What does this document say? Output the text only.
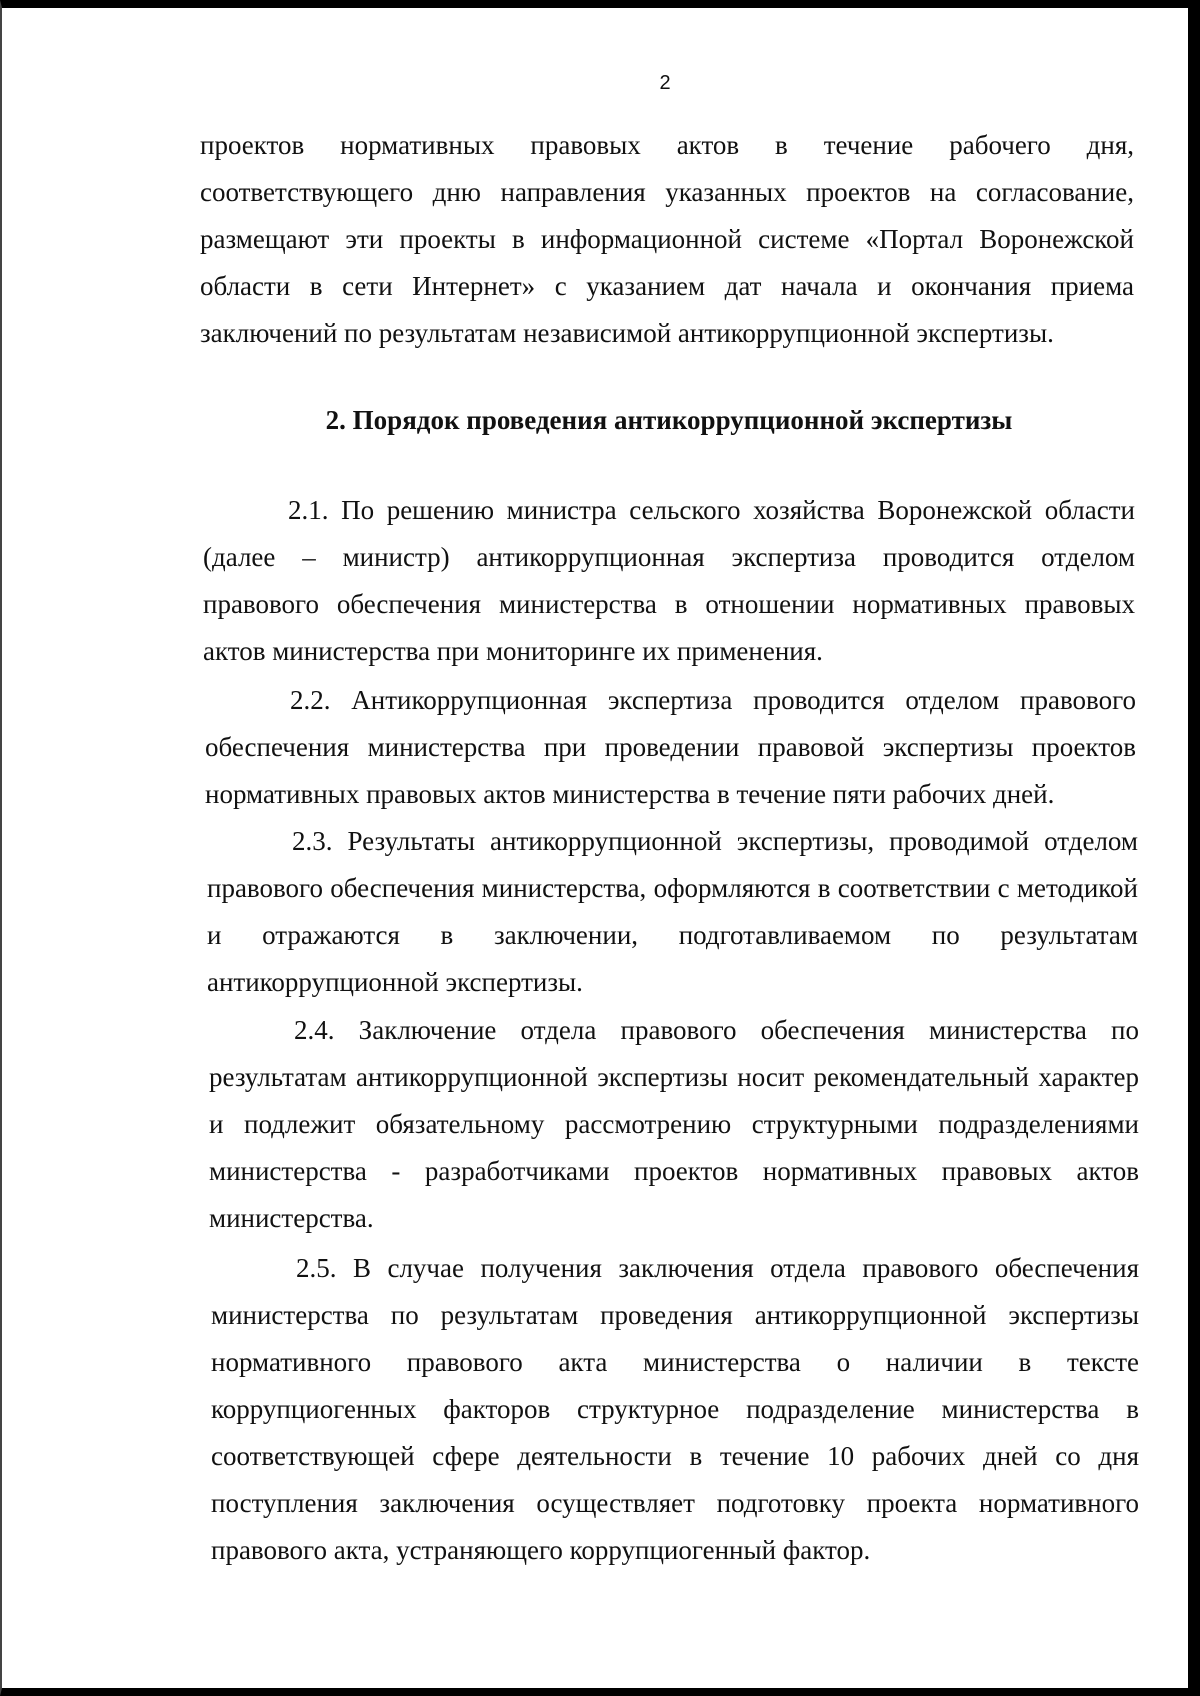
2

проектов нормативных правовых актов в течение рабочего дня, соответствующего дню направления указанных проектов на согласование, размещают эти проекты в информационной системе «Портал Воронежской области в сети Интернет» с указанием дат начала и окончания приема заключений по результатам независимой антикоррупционной экспертизы.

2. Порядок проведения антикоррупционной экспертизы

2.1. По решению министра сельского хозяйства Воронежской области (далее – министр) антикоррупционная экспертиза проводится отделом правового обеспечения министерства в отношении нормативных правовых актов министерства при мониторинге их применения.

2.2. Антикоррупционная экспертиза проводится отделом правового обеспечения министерства при проведении правовой экспертизы проектов нормативных правовых актов министерства в течение пяти рабочих дней.

2.3. Результаты антикоррупционной экспертизы, проводимой отделом правового обеспечения министерства, оформляются в соответствии с методикой и отражаются в заключении, подготавливаемом по результатам антикоррупционной экспертизы.

2.4. Заключение отдела правового обеспечения министерства по результатам антикоррупционной экспертизы носит рекомендательный характер и подлежит обязательному рассмотрению структурными подразделениями министерства - разработчиками проектов нормативных правовых актов министерства.

2.5. В случае получения заключения отдела правового обеспечения министерства по результатам проведения антикоррупционной экспертизы нормативного правового акта министерства о наличии в тексте коррупциогенных факторов структурное подразделение министерства в соответствующей сфере деятельности в течение 10 рабочих дней со дня поступления заключения осуществляет подготовку проекта нормативного правового акта, устраняющего коррупциогенный фактор.
